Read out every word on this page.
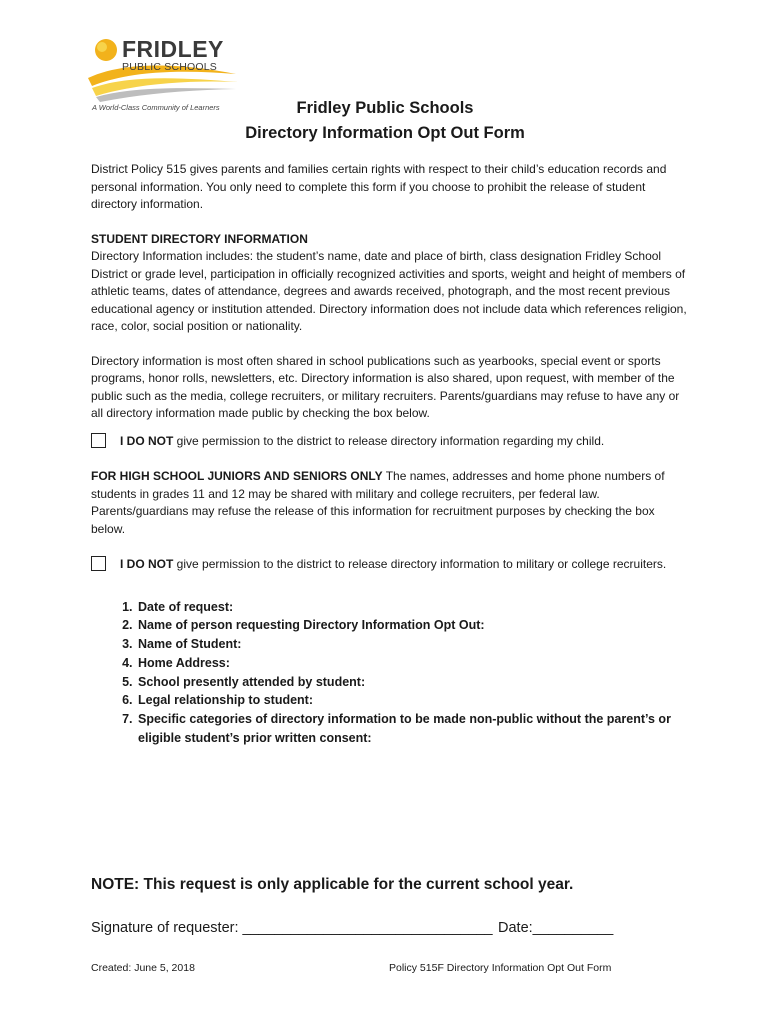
FRIDLEY
PUBLIC SCHOOLS
A World-Class Community of Learners	Fridley Public Schools
Directory Information Opt Out Form

District Policy 515 gives parents and families certain rights with respect to their child’s education records and personal information. You only need to complete this form if you choose to prohibit the release of student directory information.

STUDENT DIRECTORY INFORMATION

Directory Information includes: the student’s name, date and place of birth, class designation Fridley School District or grade level, participation in officially recognized activities and sports, weight and height of members of athletic teams, dates of attendance, degrees and awards received, photograph, and the most recent previous educational agency or institution attended. Directory information does not include data which references religion, race, color, social position or nationality.

Directory information is most often shared in school publications such as yearbooks, special event or sports programs, honor rolls, newsletters, etc. Directory information is also shared, upon request, with member of the public such as the media, college recruiters, or military recruiters. Parents/guardians may refuse to have any or all directory information made public by checking the box below.

I DO NOT give permission to the district to release directory information regarding my child.

FOR HIGH SCHOOL JUNIORS AND SENIORS ONLY The names, addresses and home phone numbers of students in grades 11 and 12 may be shared with military and college recruiters, per federal law. Parents/guardians may refuse the release of this information for recruitment purposes by checking the box below.

I DO NOT give permission to the district to release directory information to military or college recruiters.

1. Date of request:
2. Name of person requesting Directory Information Opt Out:
3. Name of Student:
4. Home Address:
5. School presently attended by student:
6. Legal relationship to student:
7. Specific categories of directory information to be made non-public without the parent’s or eligible student’s prior written consent:
NOTE: This request is only applicable for the current school year.
Signature of requester: _______________________________ Date:__________
Created: June 5, 2018	Policy 515F Directory Information Opt Out Form
